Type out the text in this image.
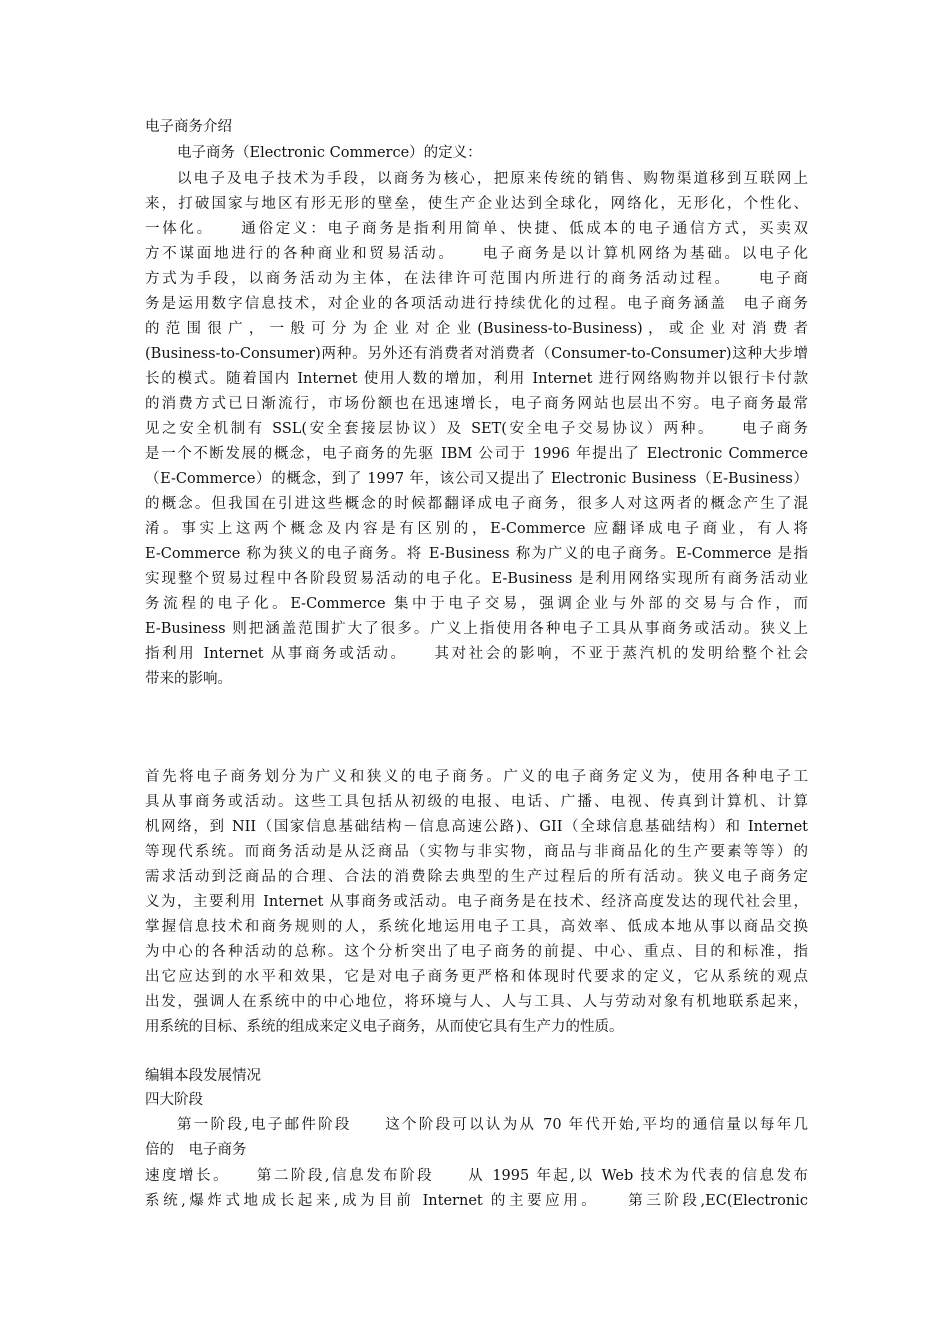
电子商务介绍
电子商务（Electronic Commerce）的定义：
以电子及电子技术为手段，以商务为核心，把原来传统的销售、购物渠道移到互联网上
来，打破国家与地区有形无形的壁垒，使生产企业达到全球化，网络化，无形化，个性化、
一体化。　　通俗定义：电子商务是指利用简单、快捷、低成本的电子通信方式，买卖双
方不谋面地进行的各种商业和贸易活动。　　电子商务是以计算机网络为基础。以电子化
方式为手段，以商务活动为主体，在法律许可范围内所进行的商务活动过程。　　电子商
务是运用数字信息技术，对企业的各项活动进行持续优化的过程。电子商务涵盖　电子商务
的 范 围 很 广 ， 一 般 可 分 为 企 业 对 企 业 (Business-to-Business) ， 或 企 业 对 消 费 者
(Business-to-Consumer)两种。另外还有消费者对消费者（Consumer-to-Consumer)这种大步增
长的模式。随着国内 Internet 使用人数的增加，利用 Internet 进行网络购物并以银行卡付款
的消费方式已日渐流行，市场份额也在迅速增长，电子商务网站也层出不穷。电子商务最常
见之安全机制有 SSL(安全套接层协议）及 SET(安全电子交易协议）两种。　　电子商务
是一个不断发展的概念，电子商务的先驱 IBM 公司于 1996 年提出了 Electronic Commerce
（E-Commerce）的概念，到了 1997 年，该公司又提出了 Electronic Business（E-Business）
的概念。但我国在引进这些概念的时候都翻译成电子商务，很多人对这两者的概念产生了混
淆。事实上这两个概念及内容是有区别的，E-Commerce 应翻译成电子商业，有人将
E-Commerce 称为狭义的电子商务。将 E-Business 称为广义的电子商务。E-Commerce 是指
实现整个贸易过程中各阶段贸易活动的电子化。E-Business 是利用网络实现所有商务活动业
务流程的电子化。E-Commerce 集中于电子交易，强调企业与外部的交易与合作，而
E-Business 则把涵盖范围扩大了很多。广义上指使用各种电子工具从事商务或活动。狭义上
指利用 Internet 从事商务或活动。　　其对社会的影响，不亚于蒸汽机的发明给整个社会
带来的影响。
首先将电子商务划分为广义和狭义的电子商务。广义的电子商务定义为，使用各种电子工
具从事商务或活动。这些工具包括从初级的电报、电话、广播、电视、传真到计算机、计算
机网络，到 NII（国家信息基础结构－信息高速公路)、GII（全球信息基础结构）和 Internet
等现代系统。而商务活动是从泛商品（实物与非实物，商品与非商品化的生产要素等等）的
需求活动到泛商品的合理、合法的消费除去典型的生产过程后的所有活动。狭义电子商务定
义为，主要利用 Internet 从事商务或活动。电子商务是在技术、经济高度发达的现代社会里，
掌握信息技术和商务规则的人，系统化地运用电子工具，高效率、低成本地从事以商品交换
为中心的各种活动的总称。这个分析突出了电子商务的前提、中心、重点、目的和标准，指
出它应达到的水平和效果，它是对电子商务更严格和体现时代要求的定义，它从系统的观点
出发，强调人在系统中的中心地位，将环境与人、人与工具、人与劳动对象有机地联系起来，
用系统的目标、系统的组成来定义电子商务，从而使它具有生产力的性质。
编辑本段发展情况
四大阶段
第一阶段,电子邮件阶段　　这个阶段可以认为从 70 年代开始,平均的通信量以每年几
倍的　电子商务
速度增长。　　第二阶段,信息发布阶段　　从 1995 年起,以 Web 技术为代表的信息发布
系统,爆炸式地成长起来,成为目前 Internet 的主要应用。　　第三阶段,EC(Electronic
